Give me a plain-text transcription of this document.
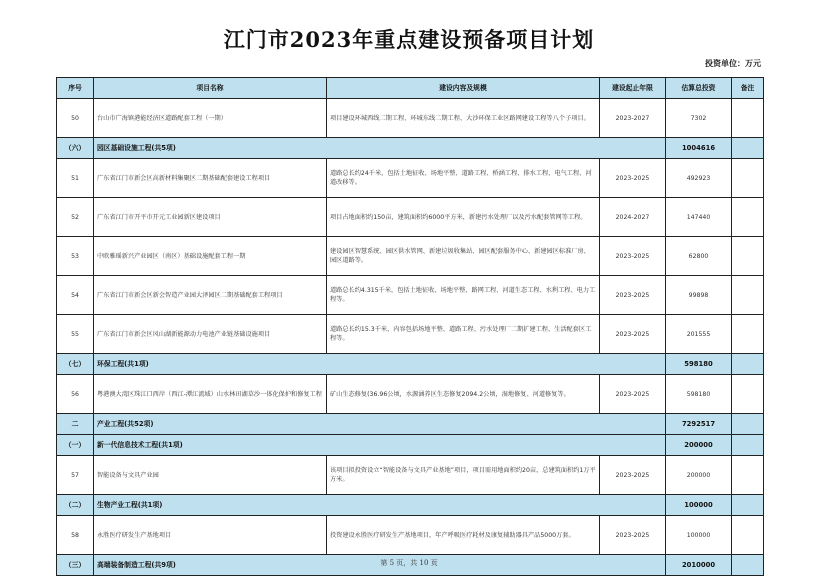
江门市2023年重点建设预备项目计划
投资单位：万元
序号	项目名称	建设内容及规模	建设起止年限	估算总投资	备注
50	台山市广海镇港能经济区道路配套工程（一期）	项目建设环城西线二期工程、环城东线二期工程、大沙环保工业区路网建设工程等八个子项目。	2023-2027	7302	
（六）	园区基础设施工程(共5项)			1004616	
51	广东省江门市新会区高新材料集聚区二期基础配套建设工程项目	道路总长约24千米，包括土地征收、场地平整、道路工程、桥涵工程、排水工程、电气工程、河道改移等。	2023-2025	492923	
52	广东省江门市开平市开元工业园新区建设项目	项目占地面积约150亩，建筑面积约6000平方米，新建污水处理厂以及污水配套管网等工程。	2024-2027	147440	
53	中欧雅瑶新兴产业园区（南区）基础设施配套工程一期	建设园区智慧系统、园区供水管网、新建垃圾收集站、园区配套服务中心、新建园区标准厂房、园区道路等。	2023-2025	62800	
54	广东省江门市新会区新会智造产业园大泽园区二期基础配套工程项目	道路总长约4.315千米，包括土地征收、场地平整、路网工程、河道生态工程、水利工程、电力工程等。	2023-2025	99898	
55	广东省江门市新会区风山湖新能源动力电池产业链基础设施项目	道路总长约15.3千米，内容包括场地平整、道路工程、污水处理厂二期扩建工程、生活配套区工程等。	2023-2025	201555	
（七）	环保工程(共1项)			598180	
56	粤港澳大湾区珠江口西岸（西江-潭江流域）山水林田湖草沙一体化保护和修复工程	矿山生态修复(36.96公顷，水源涵养区生态修复2094.2公顷，湿地修复、河道修复等。	2023-2025	598180	
二	产业工程(共52项)			7292517	
（一）	新一代信息技术工程(共1项)			200000	
57	智能设备与文具产业园	该项目拟投资设立“智能设备与文具产业基地”项目，项目需用地面积约20亩，总建筑面积约1万平方米。	2023-2025	200000	
（二）	生物产业工程(共1项)			100000	
58	永胜医疗研发生产基地项目	投资建设永胜医疗研发生产基地项目，年产呼吸医疗耗材及康复辅助器具产品5000万套。	2023-2025	100000	
（三）	高端装备制造工程(共9项)			2010000	
第 5 页，共 10 页
